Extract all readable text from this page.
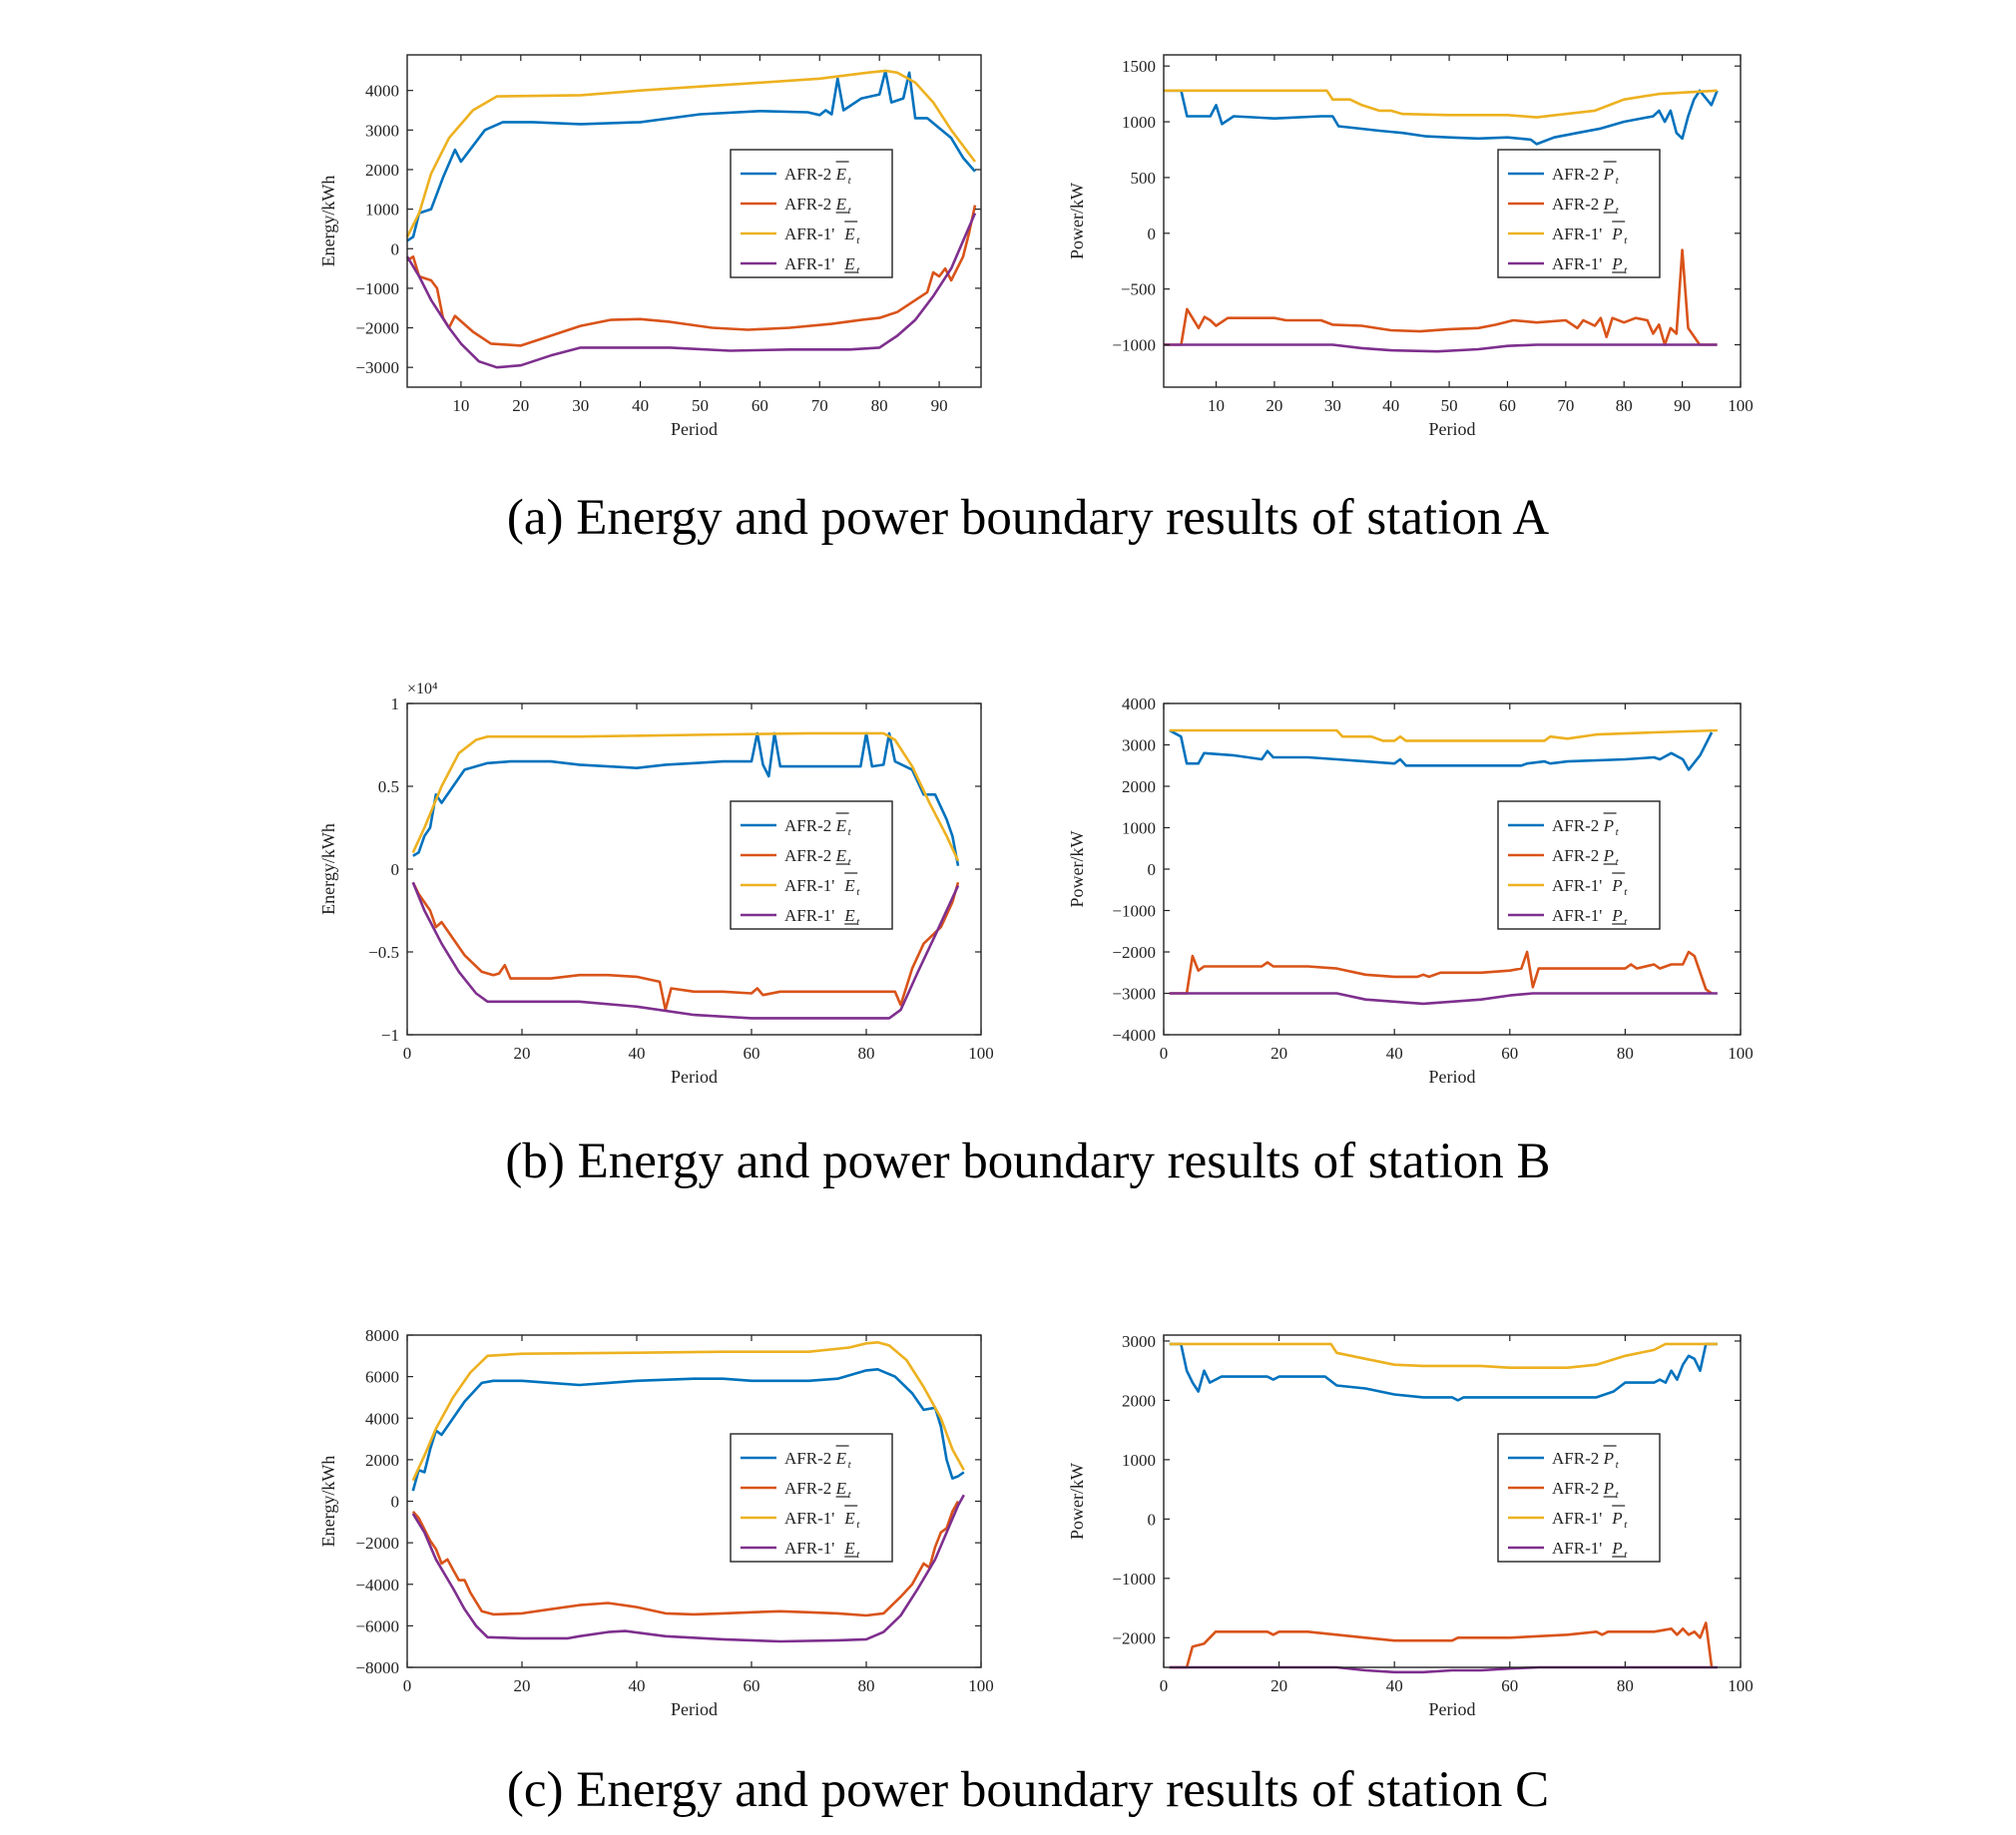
10	20	30	40	50	60	70	80	90
−3000
−2000
−1000
0
1000
2000
3000
4000
Period
Energy/kWh
AFR-2 E t
AFR-2 E t
AFR-1' E t
AFR-1' E t
10 20 30 40 50 60 70 80 90 100
−1000
−500
0
500
1000
1500
Period
Power/kW
AFR-2 P t
AFR-2 P t
AFR-1' P t
AFR-1' P t
0	20	40	60	80	100
−1
−0.5
0
0.5
1
×10⁴
Period
Energy/kWh	AFR-2 E t
AFR-2 E t
AFR-1' E t
AFR-1' E t
0	20	40	60	80	100
−4000
−3000
−2000
−1000
0
1000
2000
3000
4000
Period
Power/kW
AFR-2 P t
AFR-2 P t
AFR-1' P t
AFR-1' P t
0	20	40	60	80	100
−8000
−6000
−4000
−2000
0
2000
4000
6000
8000
Period
Energy/kWh	AFR-2 E t
AFR-2 E t
AFR-1' E t
AFR-1' E t
0	20	40	60	80	100
−2000
−1000
0
1000
2000
3000
Period
Power/kW
AFR-2 P t
AFR-2 P t
AFR-1' P t
AFR-1' P t
(a) Energy and power boundary results of station A
(b) Energy and power boundary results of station B
(c) Energy and power boundary results of station C
